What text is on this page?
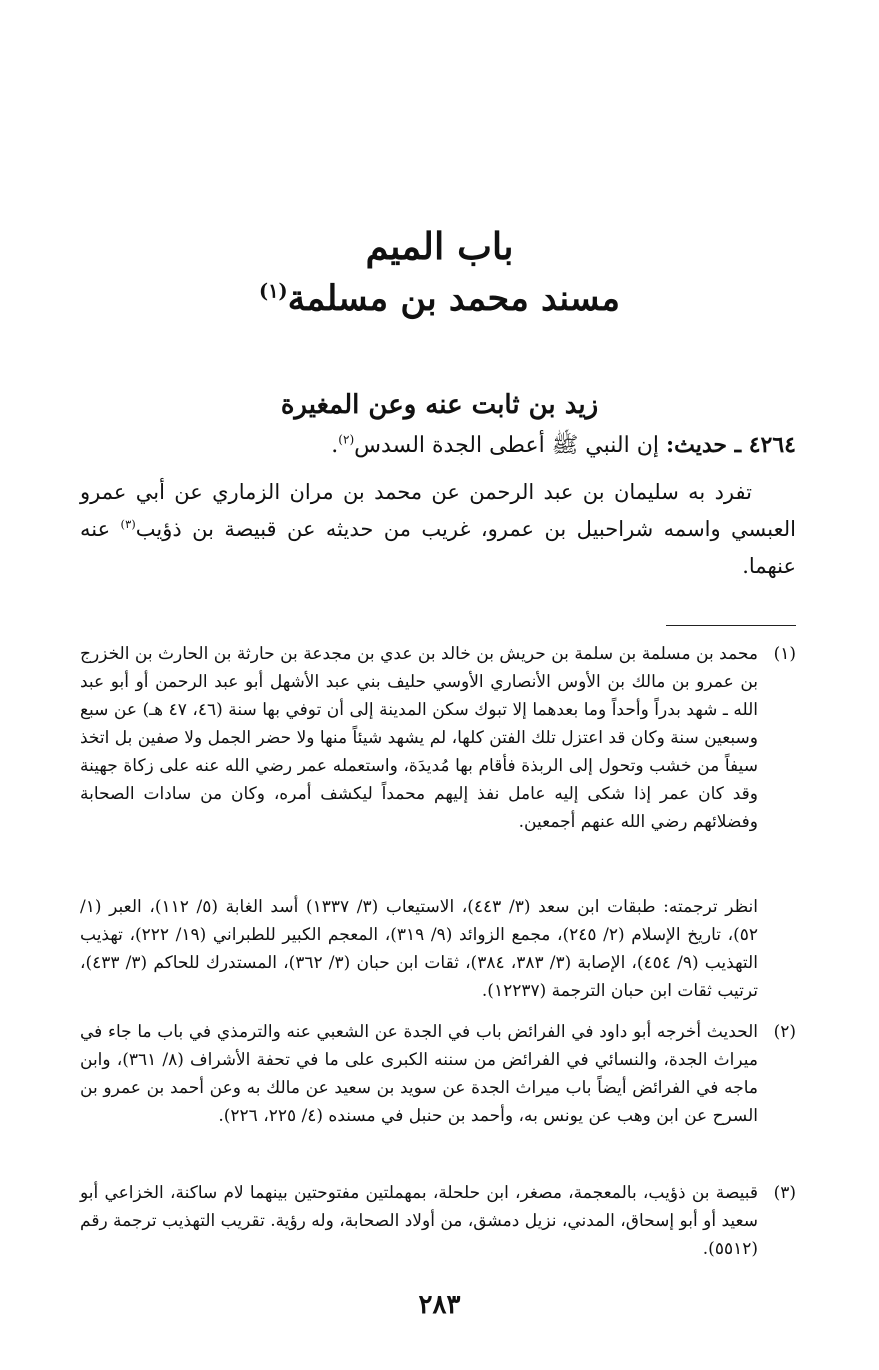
باب الميم
مسند محمد بن مسلمة$^{(١)}$
زيد بن ثابت عنه وعن المغيرة
٤٢٦٤ ـ حديث: إن النبي ﷺ أعطى الجدة السدس$^{(٢)}$.
تفرد به سليمان بن عبد الرحمن عن محمد بن مران الزماري عن أبي عمرو العبسي واسمه شراحبيل بن عمرو، غريب من حديثه عن قبيصة بن ذؤيب$^{(٣)}$ عنه عنهما.
(١)
محمد بن مسلمة بن سلمة بن حريش بن خالد بن عدي بن مجدعة بن حارثة بن الحارث بن الخزرج بن عمرو بن مالك بن الأوس الأنصاري الأوسي حليف بني عبد الأشهل أبو عبد الرحمن أو أبو عبد الله ـ شهد بدراً وأحداً وما بعدهما إلا تبوك سكن المدينة إلى أن توفي بها سنة (٤٦، ٤٧ هـ) عن سبع وسبعين سنة وكان قد اعتزل تلك الفتن كلها، لم يشهد شيئاً منها ولا حضر الجمل ولا صفين بل اتخذ سيفاً من خشب وتحول إلى الربذة فأقام بها مُديدَة، واستعمله عمر رضي الله عنه على زكاة جهينة وقد كان عمر إذا شكى إليه عامل نفذ إليهم محمداً ليكشف أمره، وكان من سادات الصحابة وفضلائهم رضي الله عنهم أجمعين.
انظر ترجمته: طبقات ابن سعد (٣/ ٤٤٣)، الاستيعاب (٣/ ١٣٣٧) أسد الغابة (٥/ ١١٢)، العبر (١/ ٥٢)، تاريخ الإسلام (٢/ ٢٤٥)، مجمع الزوائد (٩/ ٣١٩)، المعجم الكبير للطبراني (١٩/ ٢٢٢)، تهذيب التهذيب (٩/ ٤٥٤)، الإصابة (٣/ ٣٨٣، ٣٨٤)، ثقات ابن حبان (٣/ ٣٦٢)، المستدرك للحاكم (٣/ ٤٣٣)، ترتيب ثقات ابن حبان الترجمة (١٢٢٣٧).
(٢)
الحديث أخرجه أبو داود في الفرائض باب في الجدة عن الشعبي عنه والترمذي في باب ما جاء في ميراث الجدة، والنسائي في الفرائض من سننه الكبرى على ما في تحفة الأشراف (٨/ ٣٦١)، وابن ماجه في الفرائض أيضاً باب ميراث الجدة عن سويد بن سعيد عن مالك به وعن أحمد بن عمرو بن السرح عن ابن وهب عن يونس به، وأحمد بن حنبل في مسنده (٤/ ٢٢٥، ٢٢٦).
(٣)
قبيصة بن ذؤيب، بالمعجمة، مصغر، ابن حلحلة، بمهملتين مفتوحتين بينهما لام ساكنة، الخزاعي أبو سعيد أو أبو إسحاق، المدني، نزيل دمشق، من أولاد الصحابة، وله رؤية. تقريب التهذيب ترجمة رقم (٥٥١٢).
٢٨٣
